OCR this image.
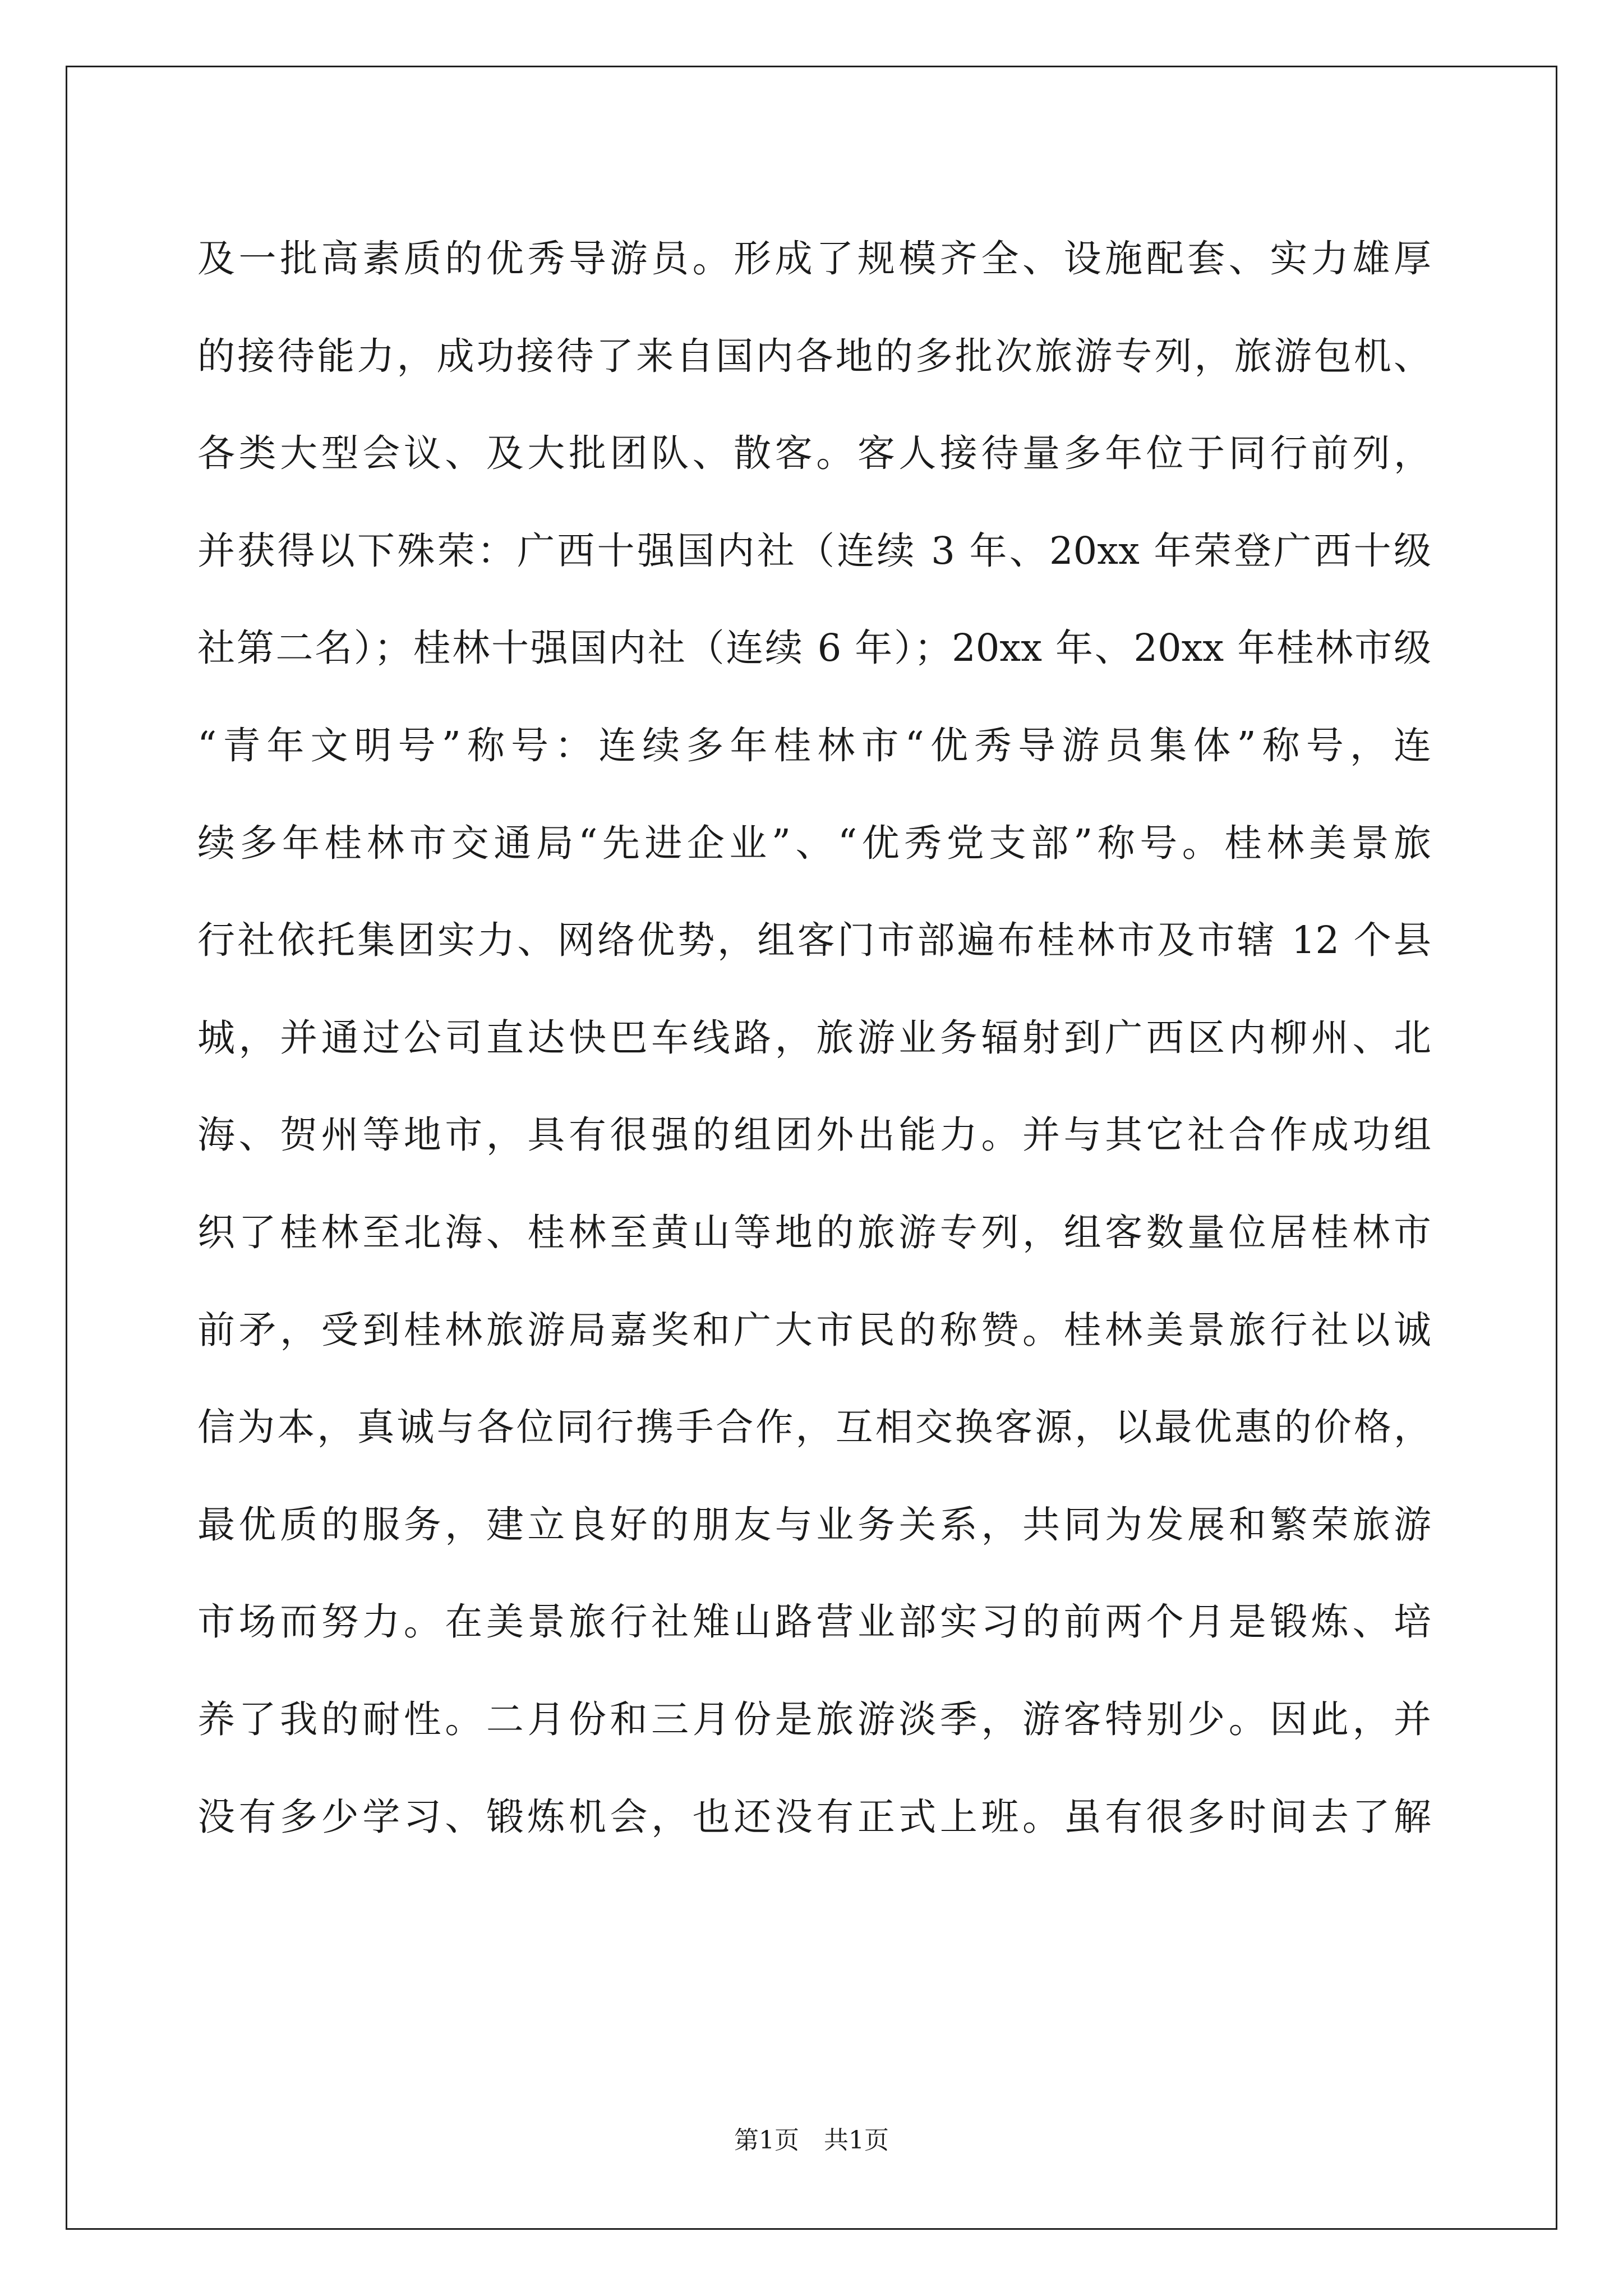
及一批高素质的优秀导游员。形成了规模齐全、设施配套、实力雄厚
的接待能力，成功接待了来自国内各地的多批次旅游专列，旅游包机、
各类大型会议、及大批团队、散客。客人接待量多年位于同行前列，
并获得以下殊荣：广西十强国内社（连续 3 年、20xx 年荣登广西十级
社第二名）；桂林十强国内社（连续 6 年）；20xx 年、20xx 年桂林市级
“青年文明号”称号：连续多年桂林市“优秀导游员集体”称号，连
续多年桂林市交通局“先进企业”、“优秀党支部”称号。桂林美景旅
行社依托集团实力、网络优势，组客门市部遍布桂林市及市辖 12 个县
城，并通过公司直达快巴车线路，旅游业务辐射到广西区内柳州、北
海、贺州等地市，具有很强的组团外出能力。并与其它社合作成功组
织了桂林至北海、桂林至黄山等地的旅游专列，组客数量位居桂林市
前矛，受到桂林旅游局嘉奖和广大市民的称赞。桂林美景旅行社以诚
信为本，真诚与各位同行携手合作，互相交换客源，以最优惠的价格，
最优质的服务，建立良好的朋友与业务关系，共同为发展和繁荣旅游
市场而努力。在美景旅行社雉山路营业部实习的前两个月是锻炼、培
养了我的耐性。二月份和三月份是旅游淡季，游客特别少。因此，并
没有多少学习、锻炼机会，也还没有正式上班。虽有很多时间去了解
第1页　共1页
